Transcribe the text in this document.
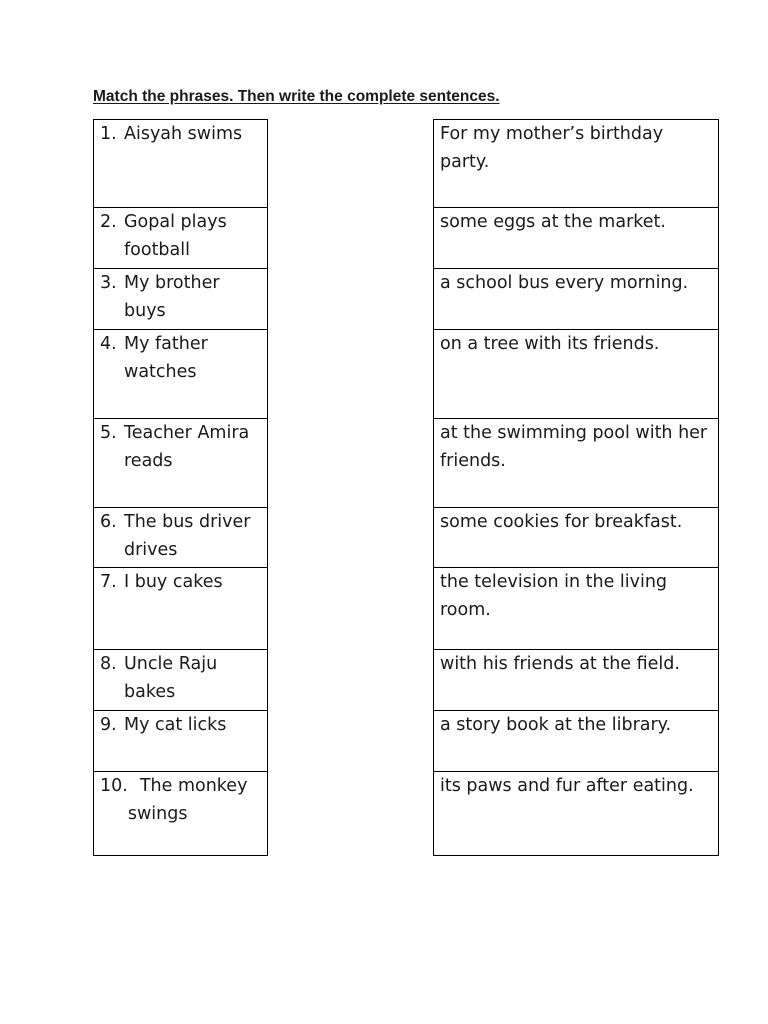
Match the phrases. Then write the complete sentences.
1. Aisyah swims
2. Gopal plays football
3. My brother buys
4. My father watches
5. Teacher Amira reads
6. The bus driver drives
7. I buy cakes
8. Uncle Raju bakes
9. My cat licks
10. The monkey swings
For my mother’s birthday party.
some eggs at the market.
a school bus every morning.
on a tree with its friends.
at the swimming pool with her friends.
some cookies for breakfast.
the television in the living room.
with his friends at the field.
a story book at the library.
its paws and fur after eating.
